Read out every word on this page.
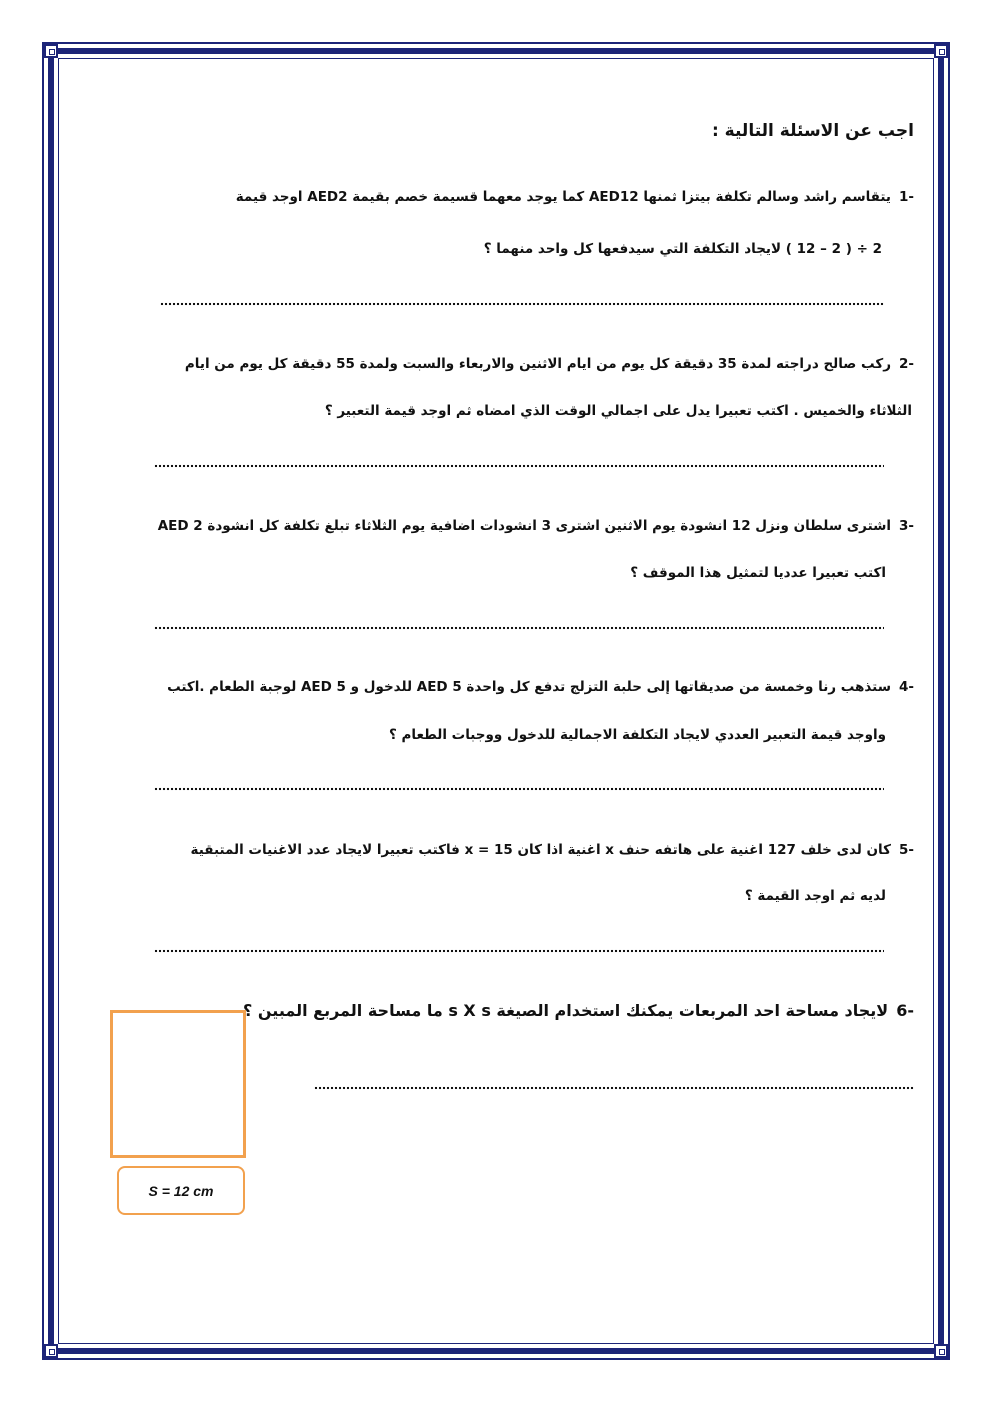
اجب عن الاسئلة التالية :
-1يتقاسم راشد وسالم تكلفة بيتزا ثمنها AED12 كما يوجد معهما قسيمة خصم بقيمة AED2 اوجد قيمة
2 ÷ ( 2 – 12 ) لايجاد التكلفة التي سيدفعها كل واحد منهما ؟
-2ركب صالح دراجته لمدة 35 دقيقة كل يوم من ايام الاثنين والاربعاء والسبت ولمدة 55 دقيقة كل يوم من ايام
الثلاثاء والخميس . اكتب تعبيرا يدل على اجمالي الوقت الذي امضاه ثم اوجد قيمة التعبير ؟
-3اشترى سلطان ونزل 12 انشودة يوم الاثنين اشترى 3 انشودات اضافية يوم الثلاثاء تبلغ تكلفة كل انشودة AED 2
اكتب تعبيرا عدديا لتمثيل هذا الموقف ؟
-4ستذهب رنا وخمسة من صديقاتها إلى حلبة التزلج تدفع كل واحدة AED 5 للدخول و AED 5 لوجبة الطعام .اكتب
واوجد قيمة التعبير العددي لايجاد التكلفة الاجمالية للدخول ووجبات الطعام ؟
-5كان لدى خلف 127 اغنية على هاتفه حنف x اغنية اذا كان x = 15 فاكتب تعبيرا لايجاد عدد الاغنيات المتبقية
لديه ثم اوجد القيمة ؟
-6لايجاد مساحة احد المربعات يمكنك استخدام الصيغة s X s ما مساحة المربع المبين ؟
S = 12 cm
